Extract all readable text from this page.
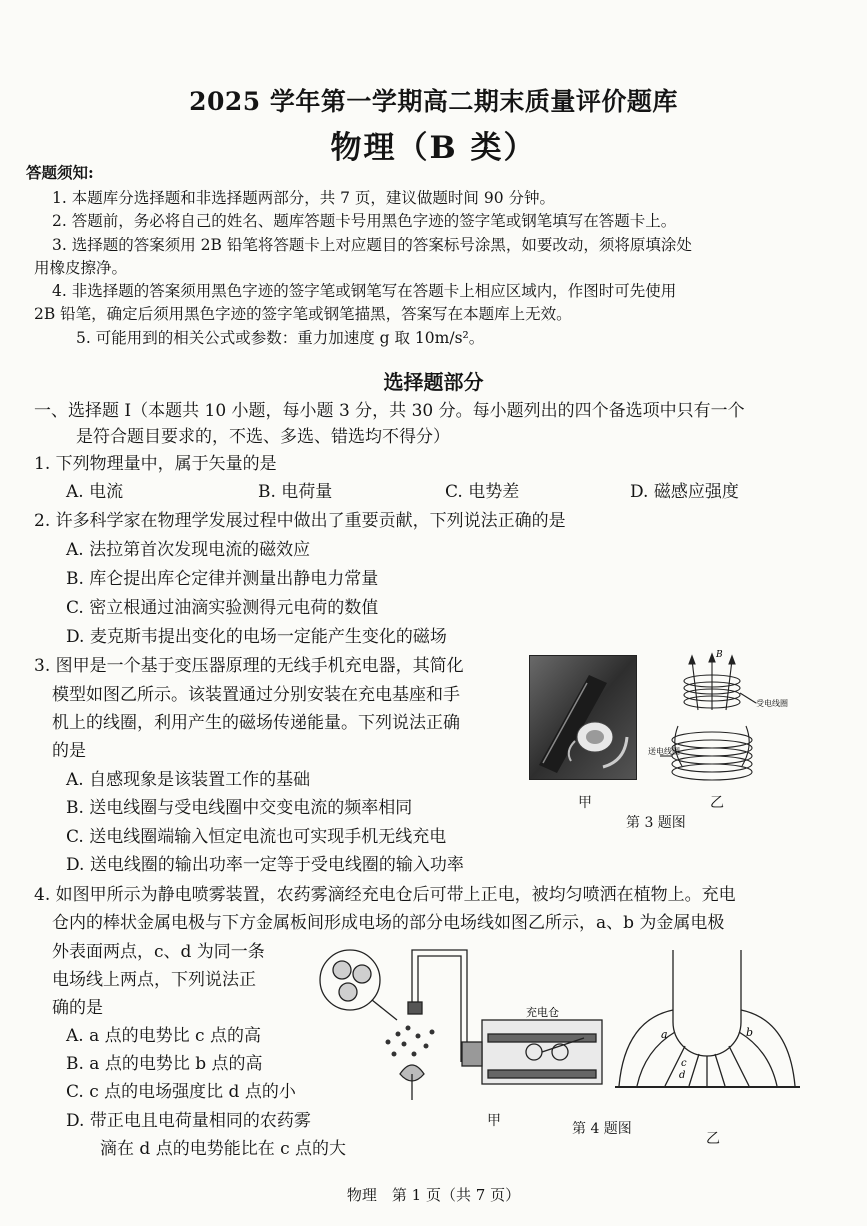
2025 学年第一学期高二期末质量评价题库
物理（B 类）
答题须知:
1. 本题库分选择题和非选择题两部分，共 7 页，建议做题时间 90 分钟。
2. 答题前，务必将自己的姓名、题库答题卡号用黑色字迹的签字笔或钢笔填写在答题卡上。
3. 选择题的答案须用 2B 铅笔将答题卡上对应题目的答案标号涂黑，如要改动，须将原填涂处
用橡皮擦净。
4. 非选择题的答案须用黑色字迹的签字笔或钢笔写在答题卡上相应区域内，作图时可先使用
2B 铅笔，确定后须用黑色字迹的签字笔或钢笔描黑，答案写在本题库上无效。
5. 可能用到的相关公式或参数：重力加速度 g 取 10m/s²。
选择题部分
一、选择题 I（本题共 10 小题，每小题 3 分，共 30 分。每小题列出的四个备选项中只有一个
是符合题目要求的，不选、多选、错选均不得分）
1. 下列物理量中，属于矢量的是
A. 电流	B. 电荷量	C. 电势差	D. 磁感应强度
2. 许多科学家在物理学发展过程中做出了重要贡献，下列说法正确的是
A. 法拉第首次发现电流的磁效应
B. 库仑提出库仑定律并测量出静电力常量
C. 密立根通过油滴实验测得元电荷的数值
D. 麦克斯韦提出变化的电场一定能产生变化的磁场
3. 图甲是一个基于变压器原理的无线手机充电器，其简化
模型如图乙所示。该装置通过分别安装在充电基座和手
机上的线圈，利用产生的磁场传递能量。下列说法正确
的是
A. 自感现象是该装置工作的基础
B. 送电线圈与受电线圈中交变电流的频率相同
C. 送电线圈端输入恒定电流也可实现手机无线充电
D. 送电线圈的输出功率一定等于受电线圈的输入功率
B
受电线圈
送电线圈
甲	乙
第 3 题图
4. 如图甲所示为静电喷雾装置，农药雾滴经充电仓后可带上正电，被均匀喷洒在植物上。充电
仓内的棒状金属电极与下方金属板间形成电场的部分电场线如图乙所示，a、b 为金属电极
外表面两点，c、d 为同一条
电场线上两点，下列说法正
确的是
A. a 点的电势比 c 点的高
B. a 点的电势比 b 点的高
C. c 点的电场强度比 d 点的小
D. 带正电且电荷量相同的农药雾
滴在 d 点的电势能比在 c 点的大
充电仓
a	b
c
d
甲	第 4 题图
乙
物理　第 1 页（共 7 页）
